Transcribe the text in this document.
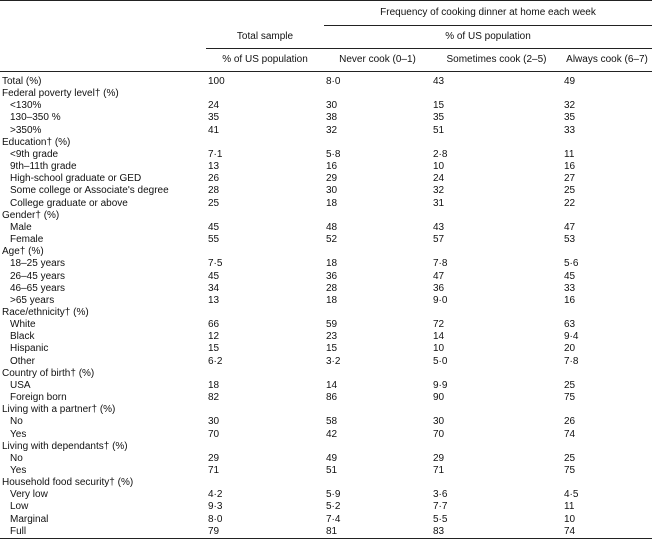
		Frequency of cooking dinner at home each week		
	Total sample	% of US population		
	% of US population	Never cook (0–1)	Sometimes cook (2–5)	Always cook (6–7)
Total (%)	100	8·0	43	49
Federal poverty level† (%)				
<130%	24	30	15	32
130–350 %	35	38	35	35
>350%	41	32	51	33
Education† (%)				
<9th grade	7·1	5·8	2·8	11
9th–11th grade	13	16	10	16
High-school graduate or GED	26	29	24	27
Some college or Associate's degree	28	30	32	25
College graduate or above	25	18	31	22
Gender† (%)				
Male	45	48	43	47
Female	55	52	57	53
Age† (%)				
18–25 years	7·5	18	7·8	5·6
26–45 years	45	36	47	45
46–65 years	34	28	36	33
>65 years	13	18	9·0	16
Race/ethnicity† (%)				
White	66	59	72	63
Black	12	23	14	9·4
Hispanic	15	15	10	20
Other	6·2	3·2	5·0	7·8
Country of birth† (%)				
USA	18	14	9·9	25
Foreign born	82	86	90	75
Living with a partner† (%)				
No	30	58	30	26
Yes	70	42	70	74
Living with dependants† (%)				
No	29	49	29	25
Yes	71	51	71	75
Household food security† (%)				
Very low	4·2	5·9	3·6	4·5
Low	9·3	5·2	7·7	11
Marginal	8·0	7·4	5·5	10
Full	79	81	83	74
